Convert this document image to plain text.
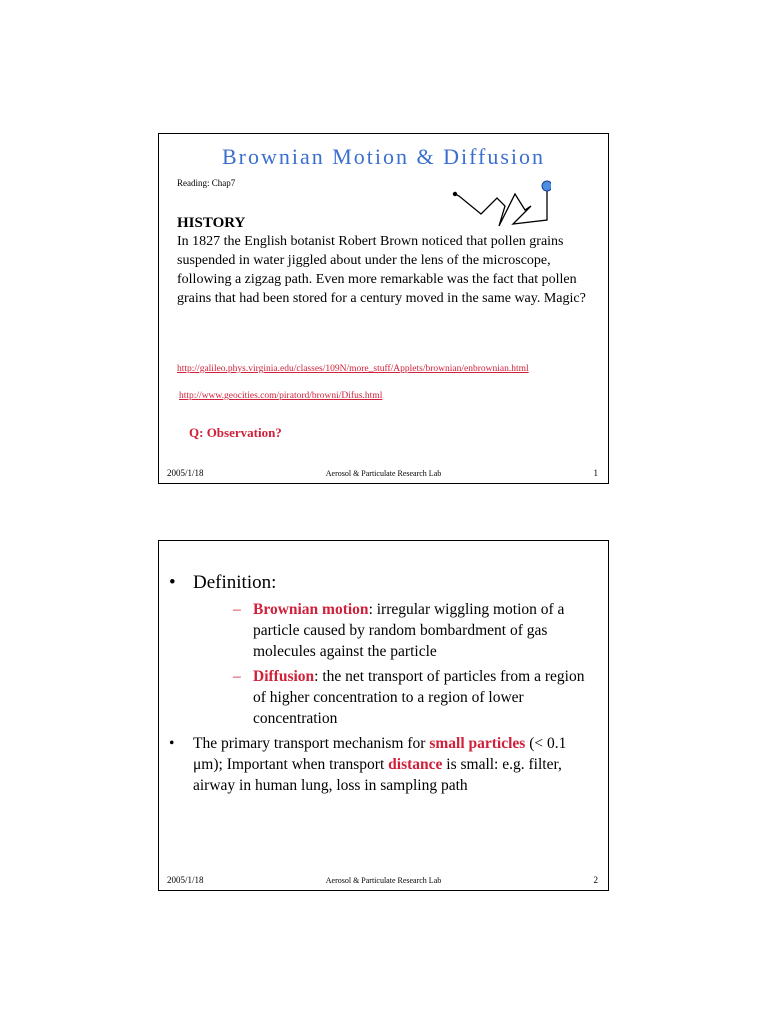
Brownian Motion & Diffusion
Reading: Chap7
HISTORY
In 1827 the English botanist Robert Brown noticed that pollen grains suspended in water jiggled about under the lens of the microscope, following a zigzag path. Even more remarkable was the fact that pollen grains that had been stored for a century moved in the same way. Magic?
http://galileo.phys.virginia.edu/classes/109N/more_stuff/Applets/brownian/enbrownian.html
http://www.geocities.com/piratord/browni/Difus.html
Q: Observation?
2005/1/18	Aerosol & Particulate Research Lab	1
• Definition:
– Brownian motion: irregular wiggling motion of a particle caused by random bombardment of gas molecules against the particle
– Diffusion: the net transport of particles from a region of higher concentration to a region of lower concentration
• The primary transport mechanism for small particles (< 0.1 μm); Important when transport distance is small: e.g. filter, airway in human lung, loss in sampling path
2005/1/18	Aerosol & Particulate Research Lab	2
